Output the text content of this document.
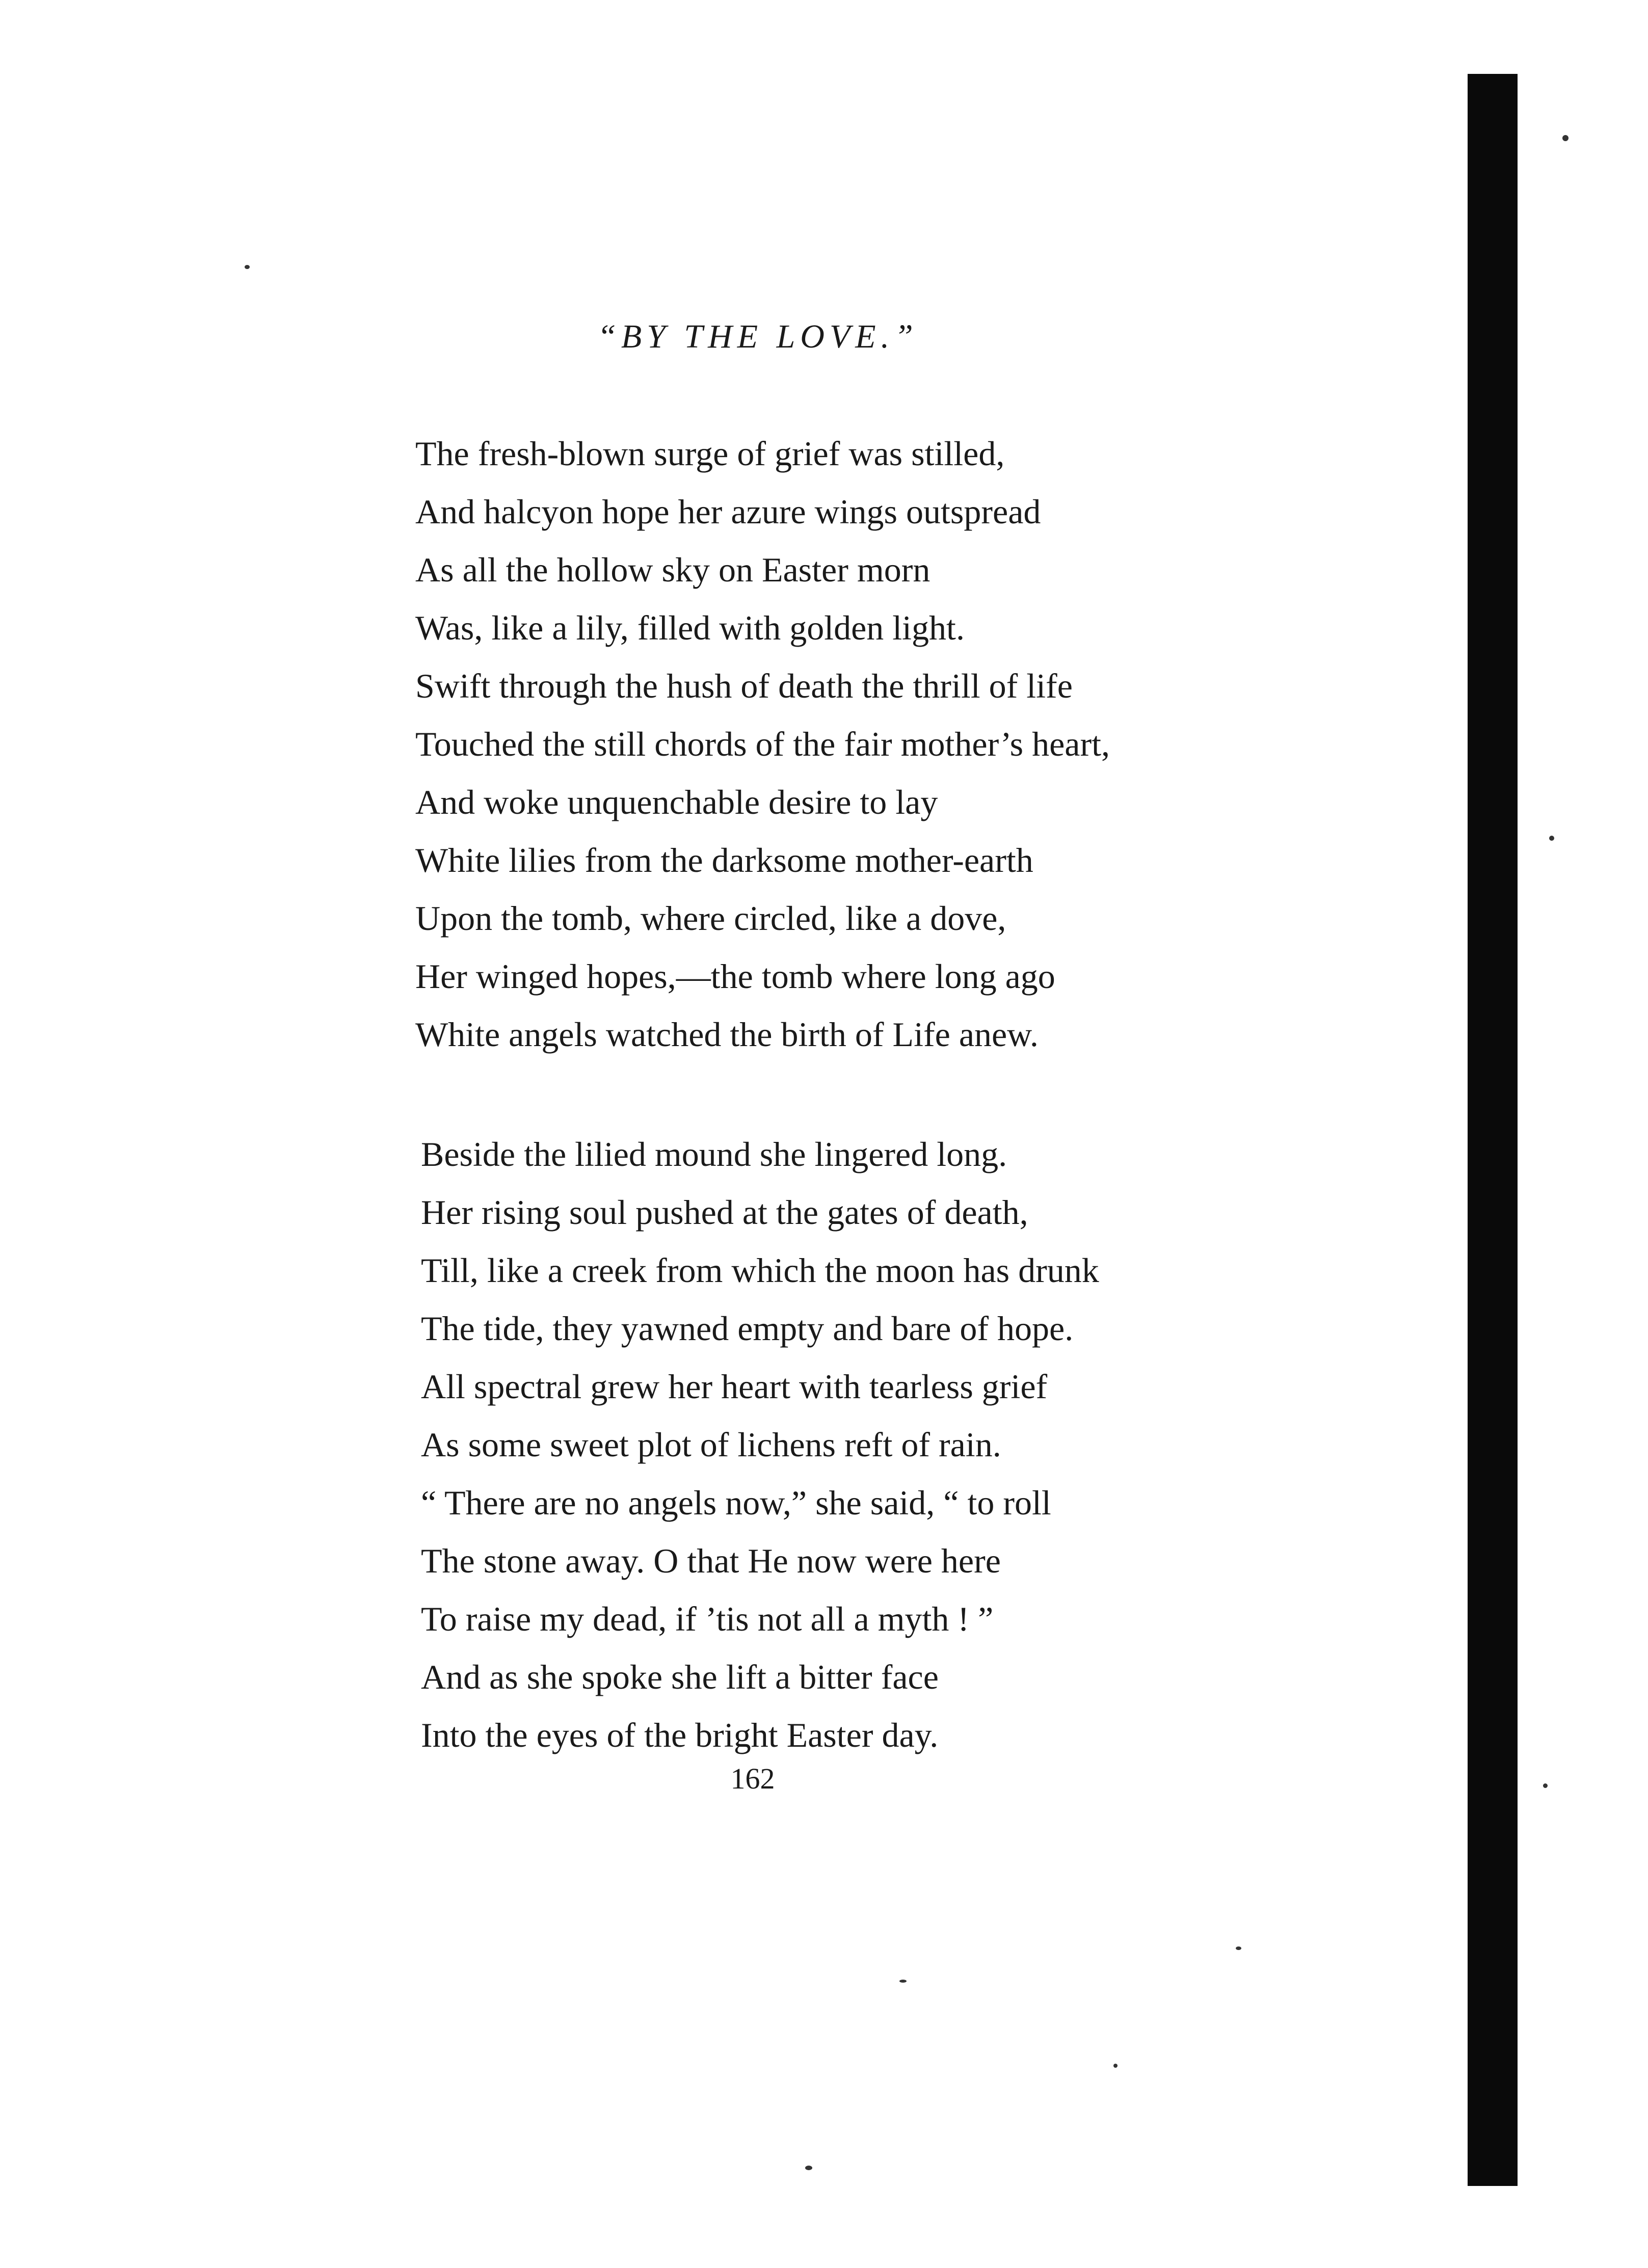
“BY THE LOVE.”
The fresh-blown surge of grief was stilled,
And halcyon hope her azure wings outspread
As all the hollow sky on Easter morn
Was, like a lily, filled with golden light.
Swift through the hush of death the thrill of life
Touched the still chords of the fair mother’s heart,
And woke unquenchable desire to lay
White lilies from the darksome mother-earth
Upon the tomb, where circled, like a dove,
Her winged hopes,—the tomb where long ago
White angels watched the birth of Life anew.
Beside the lilied mound she lingered long.
Her rising soul pushed at the gates of death,
Till, like a creek from which the moon has drunk
The tide, they yawned empty and bare of hope.
All spectral grew her heart with tearless grief
As some sweet plot of lichens reft of rain.
“ There are no angels now,” she said, “ to roll
The stone away. O that He now were here
To raise my dead, if ’tis not all a myth ! ”
And as she spoke she lift a bitter face
Into the eyes of the bright Easter day.
162
